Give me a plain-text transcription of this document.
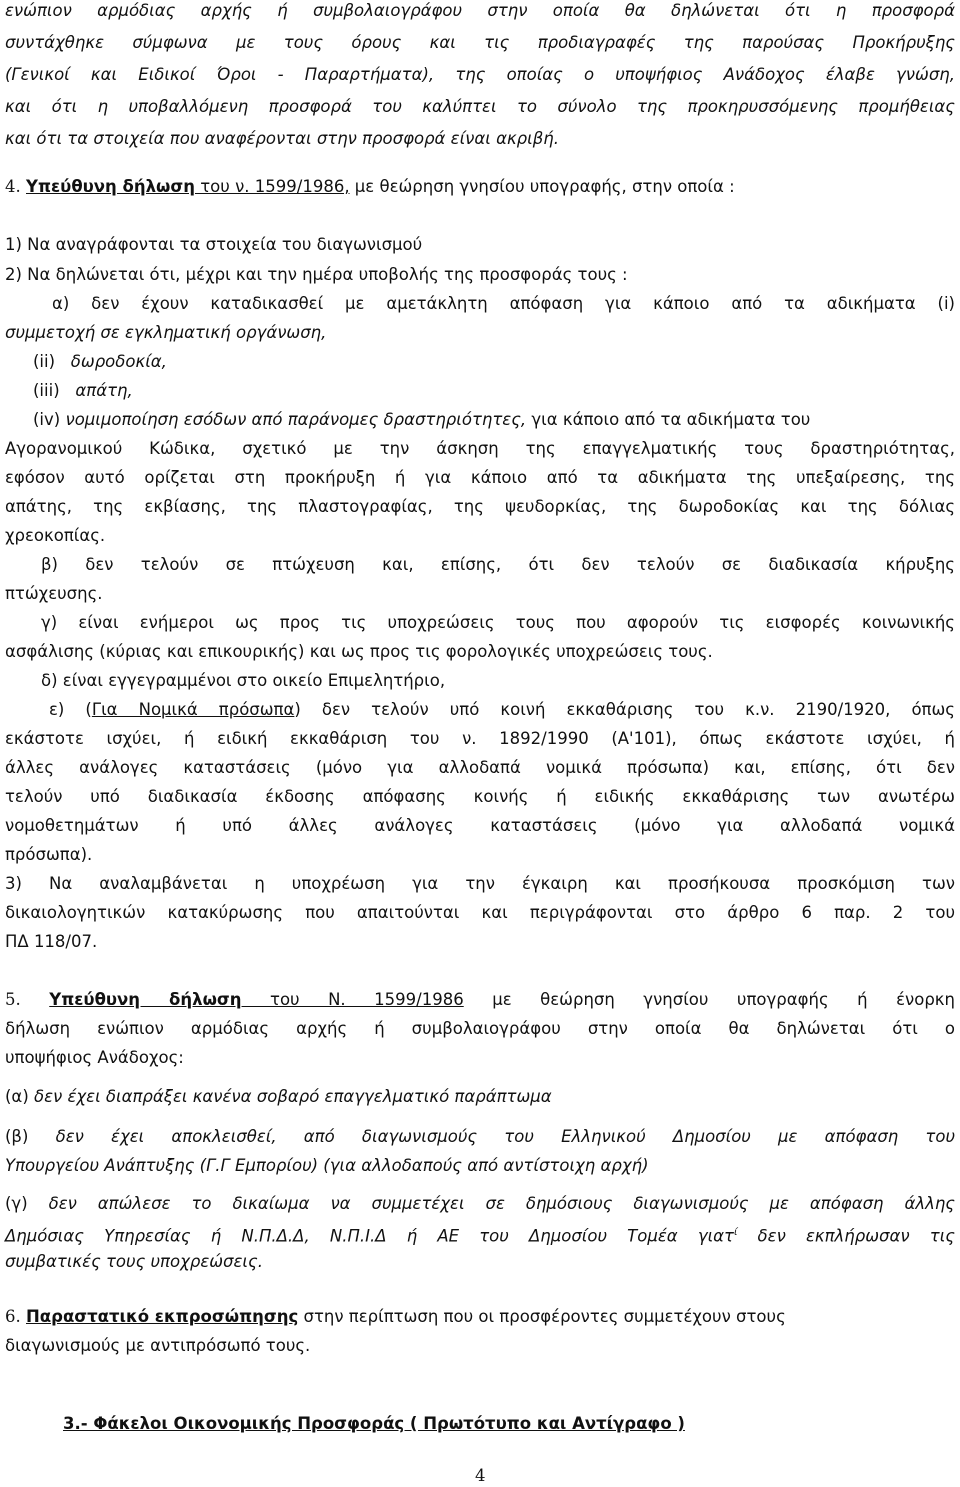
ενώπιον αρμόδιας αρχής ή συμβολαιογράφου στην οποία θα δηλώνεται ότι η προσφορά
συντάχθηκε σύμφωνα με τους όρους και τις προδιαγραφές της παρούσας Προκήρυξης
(Γενικοί και Ειδικοί Όροι - Παραρτήματα), της οποίας ο υποψήφιος Ανάδοχος έλαβε γνώση,
και ότι η υποβαλλόμενη προσφορά του καλύπτει το σύνολο της προκηρυσσόμενης προμήθειας
και ότι τα στοιχεία που αναφέρονται στην προσφορά είναι ακριβή.
4. Υπεύθυνη δήλωση του ν. 1599/1986, με θεώρηση γνησίου υπογραφής, στην οποία :
1) Να αναγράφονται τα στοιχεία του διαγωνισμού
2) Να δηλώνεται ότι, μέχρι και την ημέρα υποβολής της προσφοράς τους :
α) δεν έχουν καταδικασθεί με αμετάκλητη απόφαση για κάποιο από τα αδικήματα (i)
συμμετοχή σε εγκληματική οργάνωση,
(ii) δωροδοκία,
(iii) απάτη,
(iv) νομιμοποίηση εσόδων από παράνομες δραστηριότητες, για κάποιο από τα αδικήματα του
Αγορανομικού Κώδικα, σχετικό με την άσκηση της επαγγελματικής τους δραστηριότητας,
εφόσον αυτό ορίζεται στη προκήρυξη ή για κάποιο από τα αδικήματα της υπεξαίρεσης, της
απάτης, της εκβίασης, της πλαστογραφίας, της ψευδορκίας, της δωροδοκίας και της δόλιας
χρεοκοπίας.
β) δεν τελούν σε πτώχευση και, επίσης, ότι δεν τελούν σε διαδικασία κήρυξης
πτώχευσης.
γ) είναι ενήμεροι ως προς τις υποχρεώσεις τους που αφορούν τις εισφορές κοινωνικής
ασφάλισης (κύριας και επικουρικής) και ως προς τις φορολογικές υποχρεώσεις τους.
δ) είναι εγγεγραμμένοι στο οικείο Επιμελητήριο,
ε) (Για Νομικά πρόσωπα) δεν τελούν υπό κοινή εκκαθάρισης του κ.ν. 2190/1920, όπως
εκάστοτε ισχύει, ή ειδική εκκαθάριση του ν. 1892/1990 (Α'101), όπως εκάστοτε ισχύει, ή
άλλες ανάλογες καταστάσεις (μόνο για αλλοδαπά νομικά πρόσωπα) και, επίσης, ότι δεν
τελούν υπό διαδικασία έκδοσης απόφασης κοινής ή ειδικής εκκαθάρισης των ανωτέρω
νομοθετημάτων ή υπό άλλες ανάλογες καταστάσεις (μόνο για αλλοδαπά νομικά
πρόσωπα).
3) Να αναλαμβάνεται η υποχρέωση για την έγκαιρη και προσήκουσα προσκόμιση των
δικαιολογητικών κατακύρωσης που απαιτούνται και περιγράφονται στο άρθρο 6 παρ. 2 του
ΠΔ 118/07.
5. Υπεύθυνη δήλωση του Ν. 1599/1986 με θεώρηση γνησίου υπογραφής ή ένορκη
δήλωση ενώπιον αρμόδιας αρχής ή συμβολαιογράφου στην οποία θα δηλώνεται ότι ο
υποψήφιος Ανάδοχος:
(α) δεν έχει διαπράξει κανένα σοβαρό επαγγελματικό παράπτωμα
(β) δεν έχει αποκλεισθεί, από διαγωνισμούς του Ελληνικού Δημοσίου με απόφαση του
Υπουργείου Ανάπτυξης (Γ.Γ Εμπορίου) (για αλλοδαπούς από αντίστοιχη αρχή)
(γ) δεν απώλεσε το δικαίωμα να συμμετέχει σε δημόσιους διαγωνισμούς με απόφαση άλλης
Δημόσιας Υπηρεσίας ή Ν.Π.Δ.Δ, Ν.Π.Ι.Δ ή ΑΕ του Δημοσίου Τομέα γιατ$^ί$ δεν εκπλήρωσαν τις
συμβατικές τους υποχρεώσεις.
6. Παραστατικό εκπροσώπησης στην περίπτωση που οι προσφέροντες συμμετέχουν στους
διαγωνισμούς με αντιπρόσωπό τους.
3.- Φάκελοι Οικονομικής Προσφοράς ( Πρωτότυπο και Αντίγραφο )
4
